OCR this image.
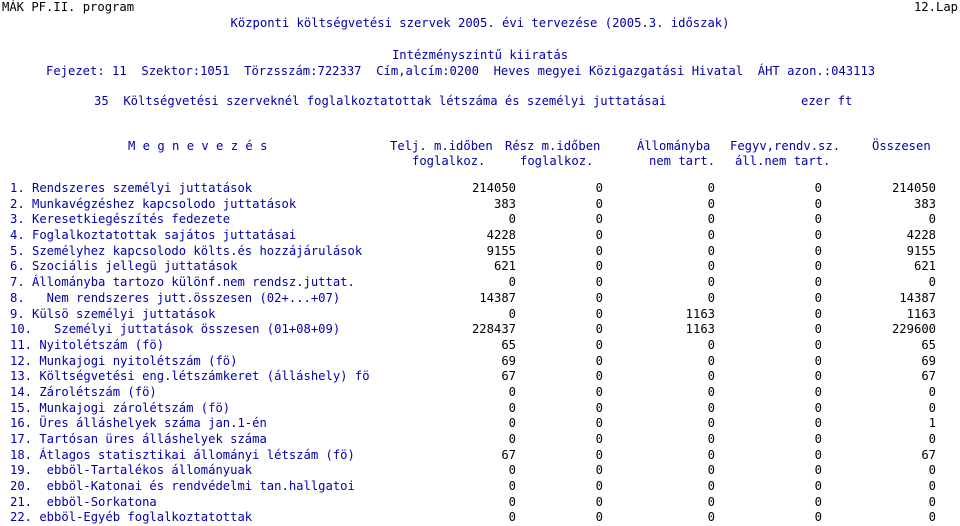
MÁK PF.II. program	12.Lap
Központi költségvetési szervek 2005. évi tervezése (2005.3. időszak)
Intézményszintű kiiratás
Fejezet: 11  Szektor:1051  Törzsszám:722337  Cím,alcím:0200  Heves megyei Közigazgatási Hivatal  ÁHT azon.:043113
35  Költségvetési szerveknél foglalkoztatottak létszáma és személyi juttatásai	ezer ft
M e g n e v e z é s	Telj. m.időben
foglalkoz.
Rész m.időben
foglalkoz.
Állományba
nem tart.
Fegyv,rendv.sz.
áll.nem tart.
Összesen
1. Rendszeres személyi juttatások	214050	0	0	0	214050
2. Munkavégzéshez kapcsolodo juttatások	383	0	0	0	383
3. Keresetkiegészítés fedezete	0	0	0	0	0
4. Foglalkoztatottak sajátos juttatásai	4228	0	0	0	4228
5. Személyhez kapcsolodo költs.és hozzájárulások	9155	0	0	0	9155
6. Szociális jellegü juttatások	621	0	0	0	621
7. Állományba tartozo különf.nem rendsz.juttat.	0	0	0	0	0
8.   Nem rendszeres jutt.összesen (02+...+07)	14387	0	0	0	14387
9. Külsö személyi juttatások	0	0	1163	0	1163
10.   Személyi juttatások összesen (01+08+09)	228437	0	1163	0	229600
11. Nyitolétszám (fö)	65	0	0	0	65
12. Munkajogi nyitolétszám (fö)	69	0	0	0	69
13. Költségvetési eng.létszámkeret (álláshely) fö	67	0	0	0	67
14. Zárolétszám (fö)	0	0	0	0	0
15. Munkajogi zárolétszám (fö)	0	0	0	0	0
16. Üres álláshelyek száma jan.1-én	0	0	0	0	1
17. Tartósan üres álláshelyek száma	0	0	0	0	0
18. Átlagos statisztikai állományi létszám (fö)	67	0	0	0	67
19.  ebböl-Tartalékos állományuak	0	0	0	0	0
20.  ebböl-Katonai és rendvédelmi tan.hallgatoi	0	0	0	0	0
21.  ebböl-Sorkatona	0	0	0	0	0
22. ebböl-Egyéb foglalkoztatottak	0	0	0	0	0
